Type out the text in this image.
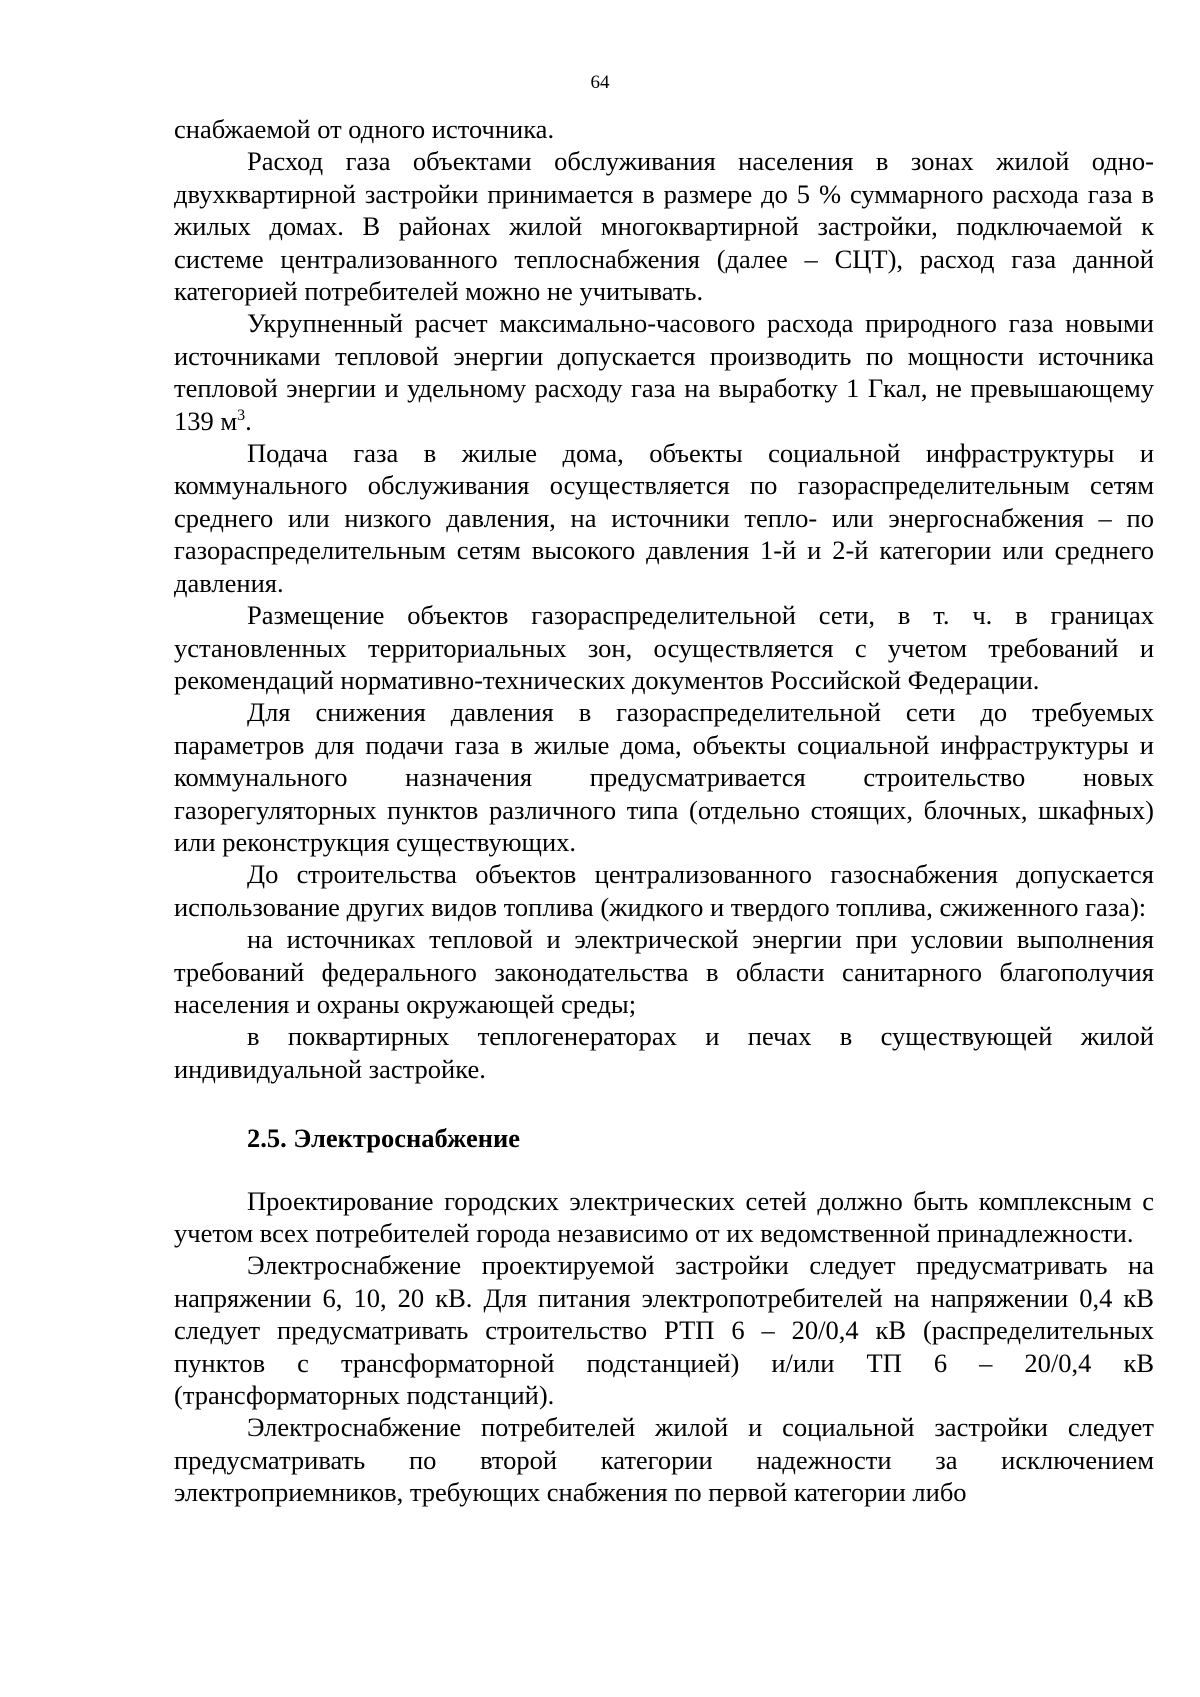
64

снабжаемой от одного источника.

Расход газа объектами обслуживания населения в зонах жилой одно-двухквартирной застройки принимается в размере до 5 % суммарного расхода газа в жилых домах. В районах жилой многоквартирной застройки, подключаемой к системе централизованного теплоснабжения (далее – СЦТ), расход газа данной категорией потребителей можно не учитывать.

Укрупненный расчет максимально-часового расхода природного газа новыми источниками тепловой энергии допускается производить по мощности источника тепловой энергии и удельному расходу газа на выработку 1 Гкал, не превышающему 139 $м^3$.

Подача газа в жилые дома, объекты социальной инфраструктуры и коммунального обслуживания осуществляется по газораспределительным сетям среднего или низкого давления, на источники тепло- или энергоснабжения – по газораспределительным сетям высокого давления 1-й и 2-й категории или среднего давления.

Размещение объектов газораспределительной сети, в т. ч. в границах установленных территориальных зон, осуществляется с учетом требований и рекомендаций нормативно-технических документов Российской Федерации.

Для снижения давления в газораспределительной сети до требуемых параметров для подачи газа в жилые дома, объекты социальной инфраструктуры и коммунального назначения предусматривается строительство новых газорегуляторных пунктов различного типа (отдельно стоящих, блочных, шкафных) или реконструкция существующих.

До строительства объектов централизованного газоснабжения допускается использование других видов топлива (жидкого и твердого топлива, сжиженного газа):

на источниках тепловой и электрической энергии при условии выполнения требований федерального законодательства в области санитарного благополучия населения и охраны окружающей среды;

в поквартирных теплогенераторах и печах в существующей жилой индивидуальной застройке.

2.5. Электроснабжение

Проектирование городских электрических сетей должно быть комплексным с учетом всех потребителей города независимо от их ведомственной принадлежности.

Электроснабжение проектируемой застройки следует предусматривать на напряжении 6, 10, 20 кВ. Для питания электропотребителей на напряжении 0,4 кВ следует предусматривать строительство РТП 6 – 20/0,4 кВ (распределительных пунктов с трансформаторной подстанцией) и/или ТП 6 – 20/0,4 кВ (трансформаторных подстанций).

Электроснабжение потребителей жилой и социальной застройки следует предусматривать по второй категории надежности за исключением электроприемников, требующих снабжения по первой категории либо
